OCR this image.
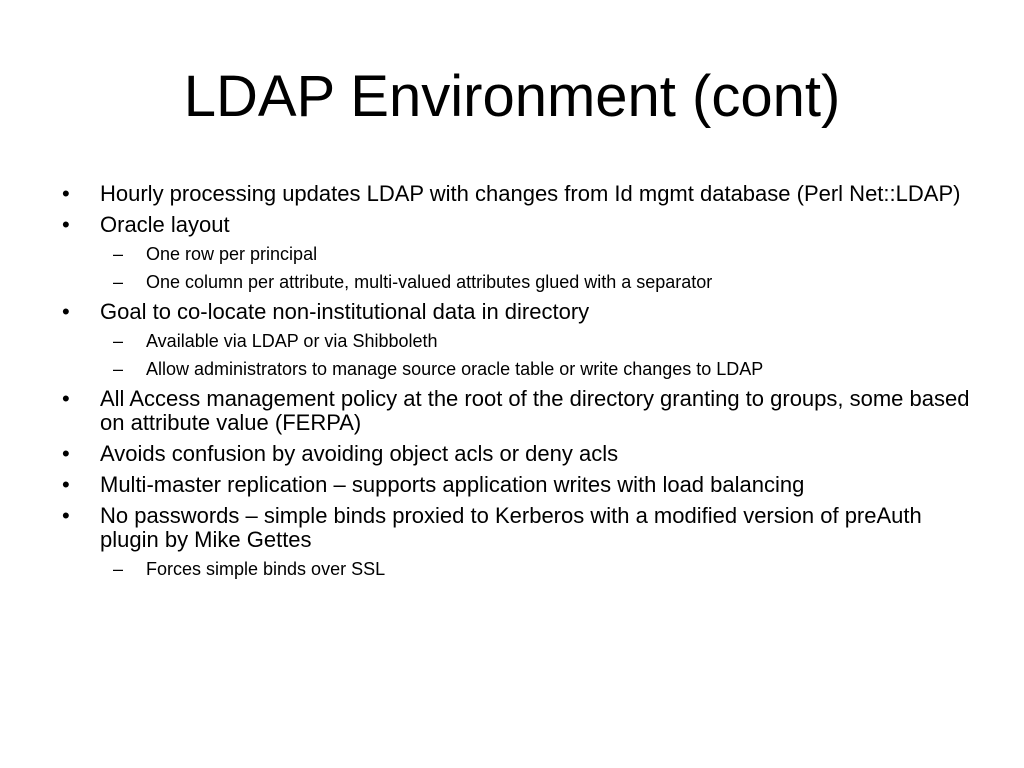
LDAP Environment (cont)
• Hourly processing updates LDAP with changes from Id mgmt database (Perl Net::LDAP)
• Oracle layout
– One row per principal
– One column per attribute, multi-valued attributes glued with a separator
• Goal to co-locate non-institutional data in directory
– Available via LDAP or via Shibboleth
– Allow administrators to manage source oracle table or write changes to LDAP
• All Access management policy at the root of the directory granting to groups, some based on attribute value (FERPA)
• Avoids confusion by avoiding object acls or deny acls
• Multi-master replication – supports application writes with load balancing
• No passwords – simple binds proxied to Kerberos with a modified version of preAuth plugin by Mike Gettes
– Forces simple binds over SSL
